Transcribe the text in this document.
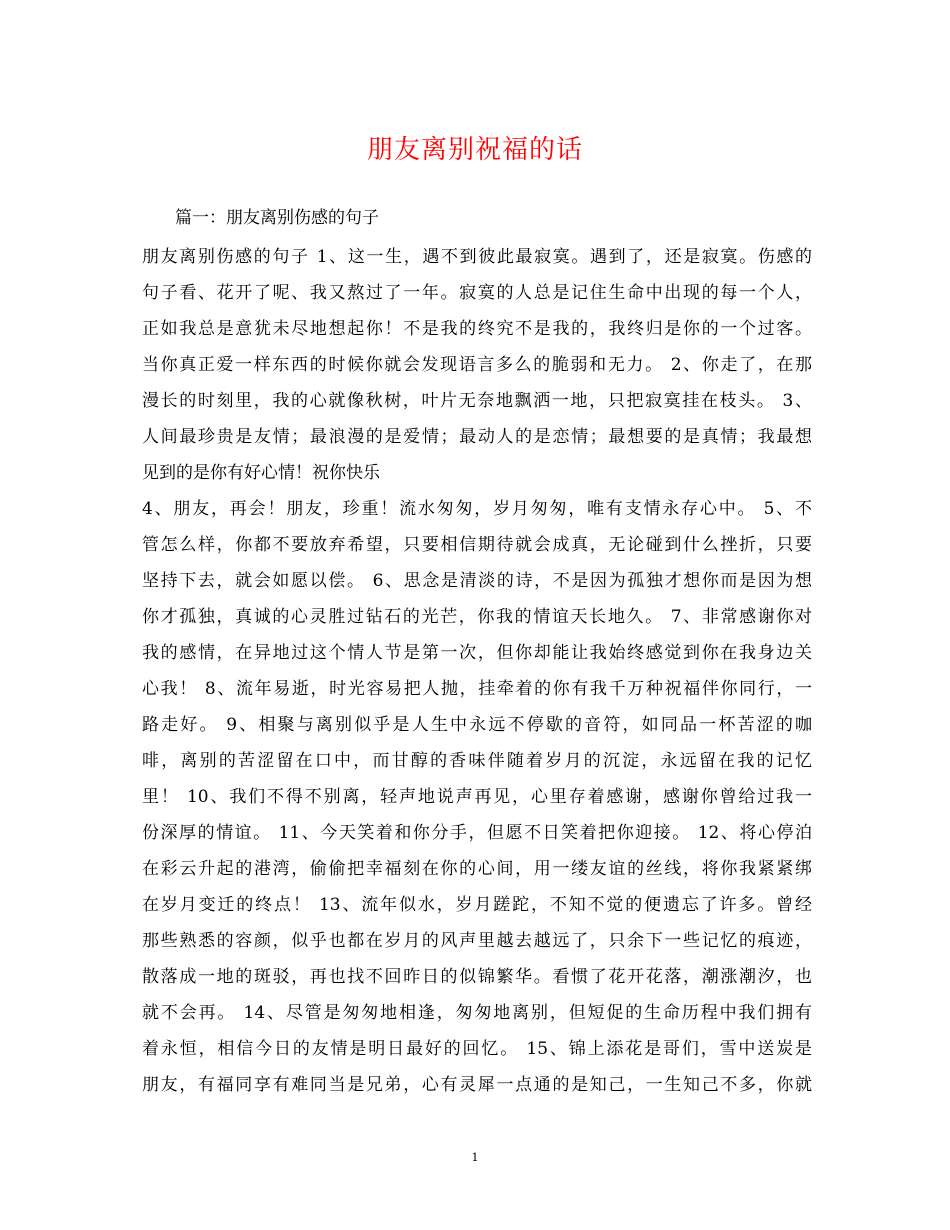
朋友离别祝福的话
篇一：朋友离别伤感的句子
朋友离别伤感的句子 1、这一生，遇不到彼此最寂寞。遇到了，还是寂寞。伤感的
句子看、花开了呢、我又熬过了一年。寂寞的人总是记住生命中出现的每一个人，
正如我总是意犹未尽地想起你！不是我的终究不是我的，我终归是你的一个过客。
当你真正爱一样东西的时候你就会发现语言多么的脆弱和无力。 2、你走了，在那
漫长的时刻里，我的心就像秋树，叶片无奈地飘洒一地，只把寂寞挂在枝头。 3、
人间最珍贵是友情；最浪漫的是爱情；最动人的是恋情；最想要的是真情；我最想
见到的是你有好心情！祝你快乐
4、朋友，再会！朋友，珍重！流水匆匆，岁月匆匆，唯有支情永存心中。 5、不
管怎么样，你都不要放弃希望，只要相信期待就会成真，无论碰到什么挫折，只要
坚持下去，就会如愿以偿。 6、思念是清淡的诗，不是因为孤独才想你而是因为想
你才孤独，真诚的心灵胜过钻石的光芒，你我的情谊天长地久。 7、非常感谢你对
我的感情，在异地过这个情人节是第一次，但你却能让我始终感觉到你在我身边关
心我！ 8、流年易逝，时光容易把人抛，挂牵着的你有我千万种祝福伴你同行，一
路走好。 9、相聚与离别似乎是人生中永远不停歇的音符，如同品一杯苦涩的咖
啡，离别的苦涩留在口中，而甘醇的香味伴随着岁月的沉淀，永远留在我的记忆
里！ 10、我们不得不别离，轻声地说声再见，心里存着感谢，感谢你曾给过我一
份深厚的情谊。 11、今天笑着和你分手，但愿不日笑着把你迎接。 12、将心停泊
在彩云升起的港湾，偷偷把幸福刻在你的心间，用一缕友谊的丝线，将你我紧紧绑
在岁月变迁的终点！ 13、流年似水，岁月蹉跎，不知不觉的便遗忘了许多。曾经
那些熟悉的容颜，似乎也都在岁月的风声里越去越远了，只余下一些记忆的痕迹，
散落成一地的斑驳，再也找不回昨日的似锦繁华。看惯了花开花落，潮涨潮汐，也
就不会再。 14、尽管是匆匆地相逢，匆匆地离别，但短促的生命历程中我们拥有
着永恒，相信今日的友情是明日最好的回忆。 15、锦上添花是哥们，雪中送炭是
朋友，有福同享有难同当是兄弟，心有灵犀一点通的是知己，一生知己不多，你就
1
